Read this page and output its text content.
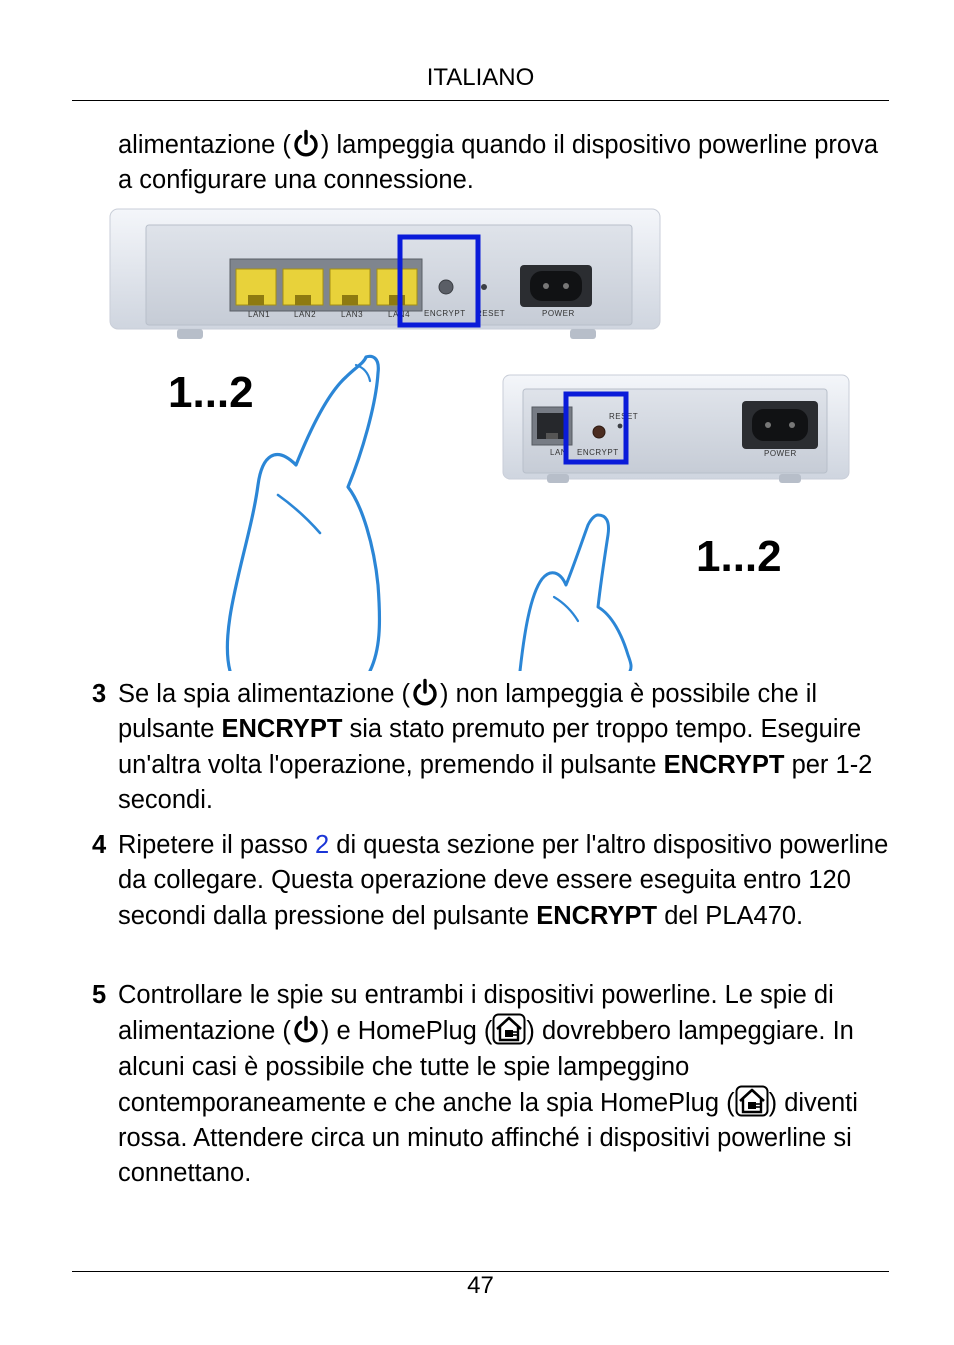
ITALIANO
alimentazione ( ) lampeggia quando il dispositivo powerline prova a configurare una connessione.
LAN1	LAN2	LAN3	LAN4 ENCRYPT RESET	POWER
1...2
LAN ENCRYPT
RESET
POWER
1...2
3 Se la spia alimentazione ( ) non lampeggia è possibile che il pulsante ENCRYPT sia stato premuto per troppo tempo. Eseguire un'altra volta l'operazione, premendo il pulsante ENCRYPT per 1-2 secondi.
4 Ripetere il passo 2 di questa sezione per l'altro dispositivo powerline da collegare. Questa operazione deve essere eseguita entro 120 secondi dalla pressione del pulsante ENCRYPT del PLA470.
5 Controllare le spie su entrambi i dispositivi powerline. Le spie di alimentazione ( ) e HomePlug ( ) dovrebbero lampeggiare. In alcuni casi è possibile che tutte le spie lampeggino contemporaneamente e che anche la spia HomePlug ( ) diventi rossa. Attendere circa un minuto affinché i dispositivi powerline si connettano.
47
